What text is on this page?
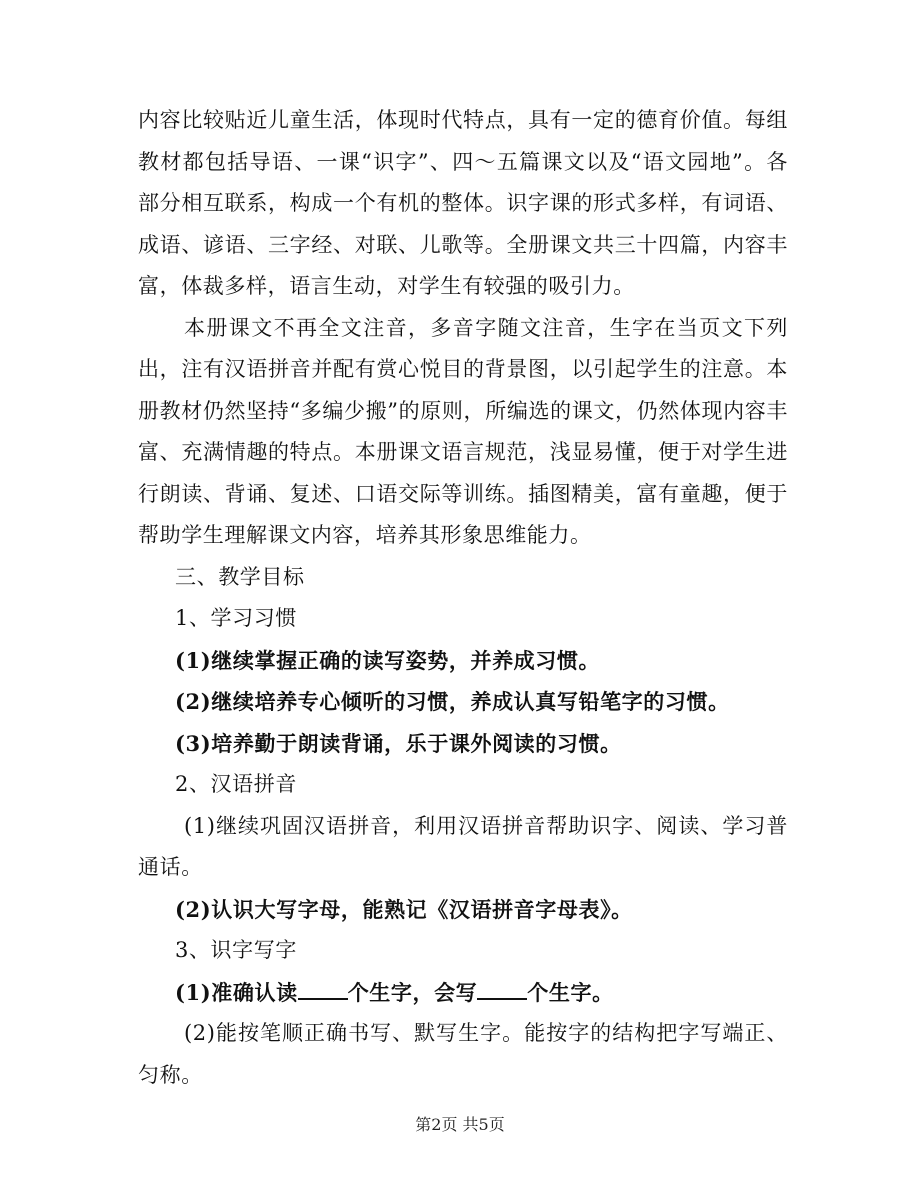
内容比较贴近儿童生活，体现时代特点，具有一定的德育价值。每组教材都包括导语、一课“识字”、四～五篇课文以及“语文园地”。各部分相互联系，构成一个有机的整体。识字课的形式多样，有词语、成语、谚语、三字经、对联、儿歌等。全册课文共三十四篇，内容丰富，体裁多样，语言生动，对学生有较强的吸引力。

本册课文不再全文注音，多音字随文注音，生字在当页文下列出，注有汉语拼音并配有赏心悦目的背景图，以引起学生的注意。本册教材仍然坚持“多编少搬”的原则，所编选的课文，仍然体现内容丰富、充满情趣的特点。本册课文语言规范，浅显易懂，便于对学生进行朗读、背诵、复述、口语交际等训练。插图精美，富有童趣，便于帮助学生理解课文内容，培养其形象思维能力。

三、教学目标

1、学习习惯

(1)继续掌握正确的读写姿势，并养成习惯。

(2)继续培养专心倾听的习惯，养成认真写铅笔字的习惯。

(3)培养勤于朗读背诵，乐于课外阅读的习惯。

2、汉语拼音

(1)继续巩固汉语拼音，利用汉语拼音帮助识字、阅读、学习普通话。

(2)认识大写字母，能熟记《汉语拼音字母表》。

3、识字写字

(1)准确认读 个生字，会写 个生字。

(2)能按笔顺正确书写、默写生字。能按字的结构把字写端正、匀称。

第2页 共5页
